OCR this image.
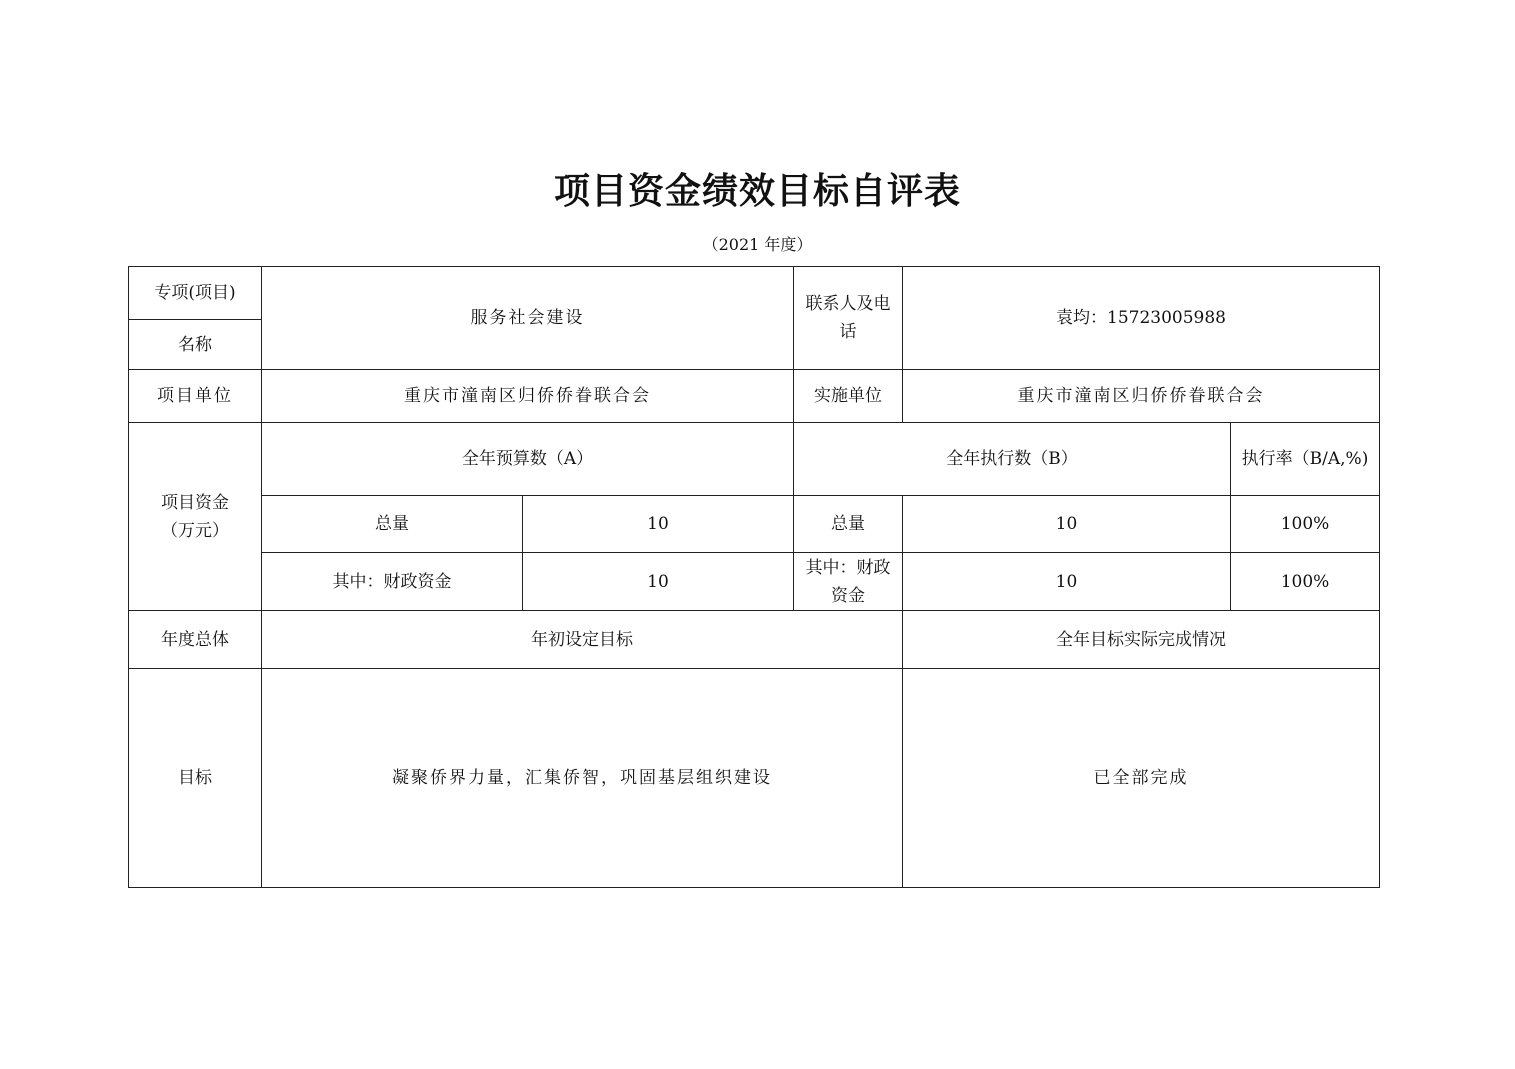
项目资金绩效目标自评表
（2021 年度）
专项(项目)	服务社会建设		联系人及电话	袁均：15723005988	
名称					
项目单位	重庆市潼南区归侨侨眷联合会		实施单位	重庆市潼南区归侨侨眷联合会	
项目资金（万元）	全年预算数（A）		全年执行数（B）		执行率（B/A,%)
	总量	10	总量	10	100%
	其中：财政资金	10	其中：财政资金	10	100%
年度总体	年初设定目标			全年目标实际完成情况	
目标	凝聚侨界力量，汇集侨智，巩固基层组织建设			已全部完成	
